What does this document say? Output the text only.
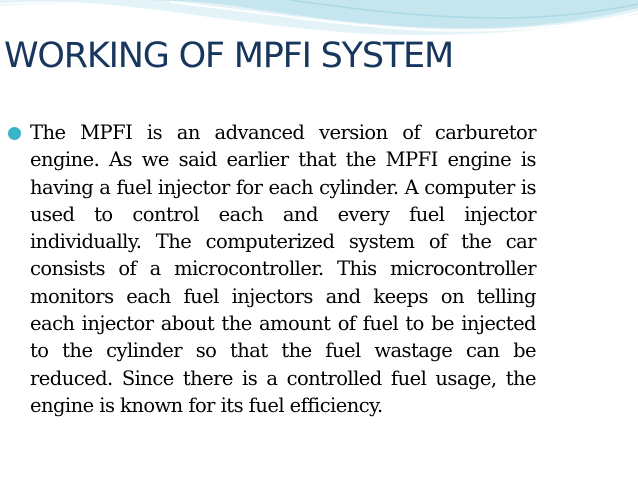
WORKING OF MPFI SYSTEM

The MPFI is an advanced version of carburetor engine. As we said earlier that the MPFI engine is having a fuel injector for each cylinder. A computer is used to control each and every fuel injector individually. The computerized system of the car consists of a microcontroller. This microcontroller monitors each fuel injectors and keeps on telling each injector about the amount of fuel to be injected to the cylinder so that the fuel wastage can be reduced. Since there is a controlled fuel usage, the engine is known for its fuel efficiency.
